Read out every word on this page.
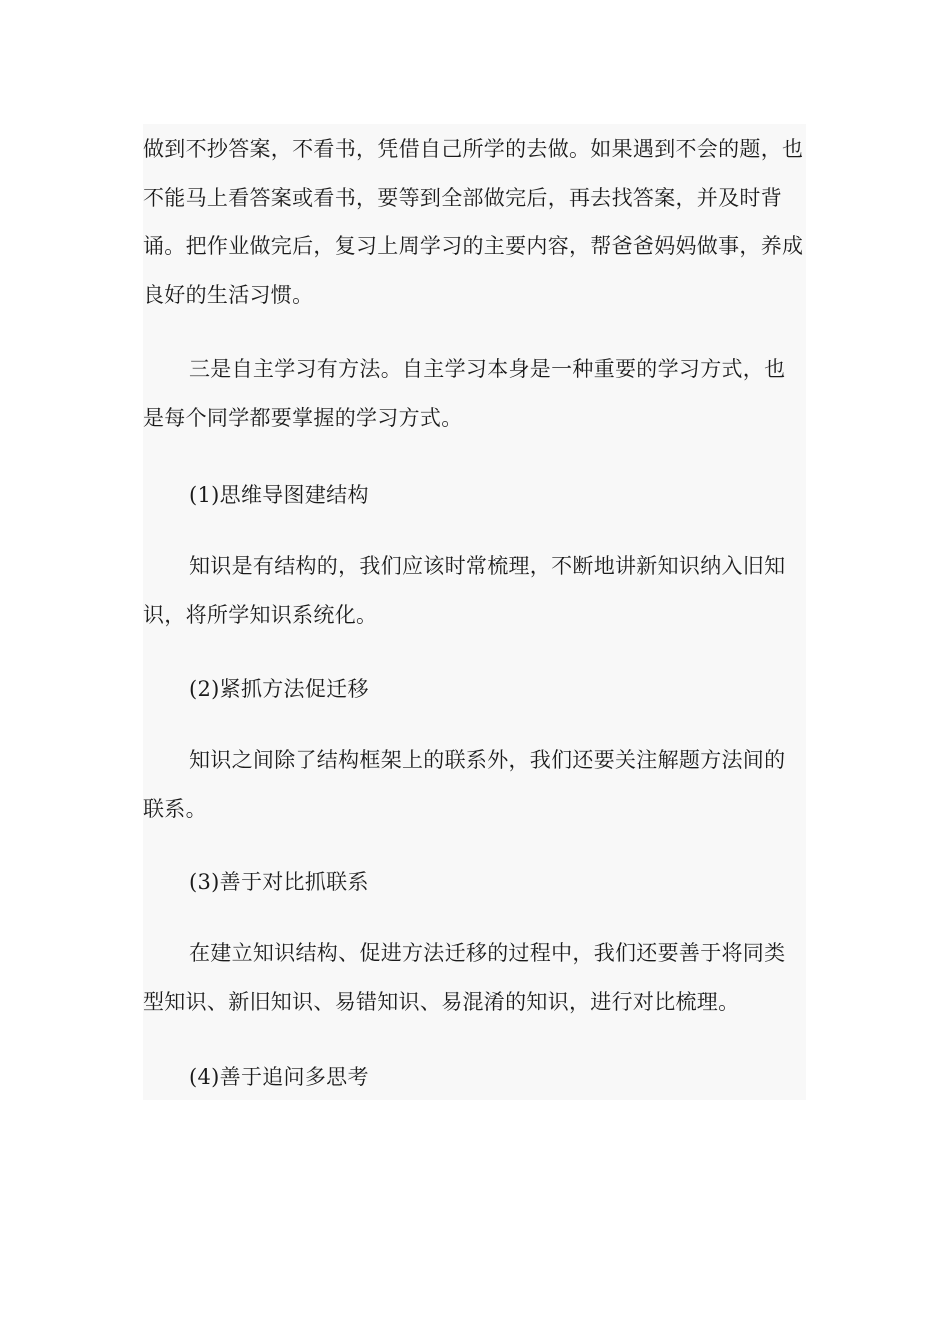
做到不抄答案，不看书，凭借自己所学的去做。如果遇到不会的题，也不能马上看答案或看书，要等到全部做完后，再去找答案，并及时背诵。把作业做完后，复习上周学习的主要内容，帮爸爸妈妈做事，养成良好的生活习惯。

三是自主学习有方法。自主学习本身是一种重要的学习方式，也是每个同学都要掌握的学习方式。

(1)思维导图建结构

知识是有结构的，我们应该时常梳理，不断地讲新知识纳入旧知识，将所学知识系统化。

(2)紧抓方法促迁移

知识之间除了结构框架上的联系外，我们还要关注解题方法间的联系。

(3)善于对比抓联系

在建立知识结构、促进方法迁移的过程中，我们还要善于将同类型知识、新旧知识、易错知识、易混淆的知识，进行对比梳理。

(4)善于追问多思考
